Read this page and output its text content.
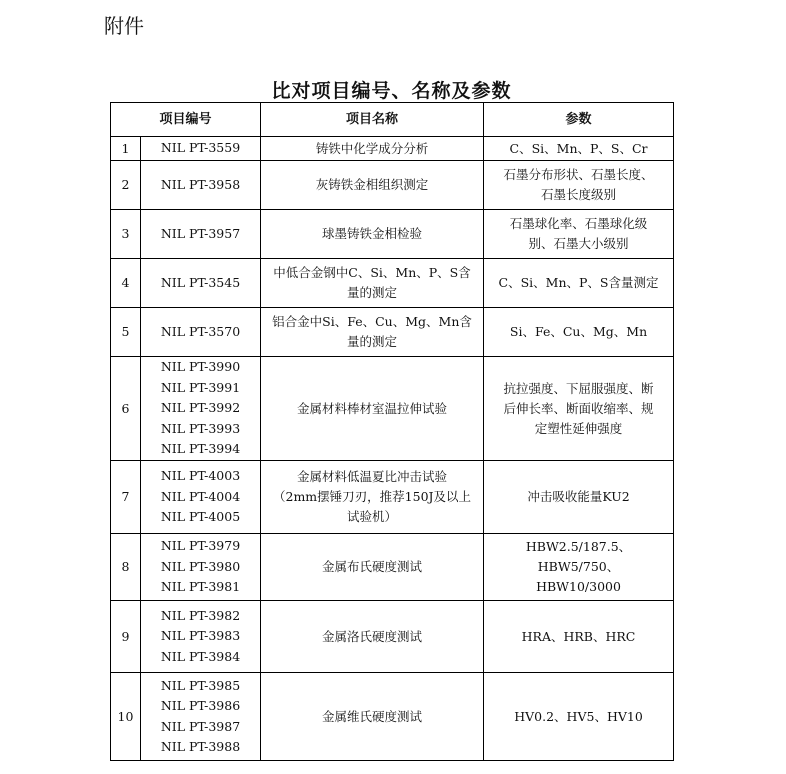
附件
比对项目编号、名称及参数
项目编号		项目名称	参数
1	NIL PT-3559	铸铁中化学成分分析	C、Si、Mn、P、S、Cr
2	NIL PT-3958	灰铸铁金相组织测定	石墨分布形状、石墨长度、
石墨长度级别
3	NIL PT-3957	球墨铸铁金相检验	石墨球化率、石墨球化级
别、石墨大小级别
4	NIL PT-3545	中低合金钢中C、Si、Mn、P、S含
量的测定	C、Si、Mn、P、S含量测定
5	NIL PT-3570	铝合金中Si、Fe、Cu、Mg、Mn含
量的测定	Si、Fe、Cu、Mg、Mn
6	NIL PT-3990
NIL PT-3991
NIL PT-3992
NIL PT-3993
NIL PT-3994	金属材料棒材室温拉伸试验	抗拉强度、下屈服强度、断
后伸长率、断面收缩率、规
定塑性延伸强度
7	NIL PT-4003
NIL PT-4004
NIL PT-4005	金属材料低温夏比冲击试验
（2mm摆锤刀刃，推荐150J及以上
试验机）	冲击吸收能量KU2
8	NIL PT-3979
NIL PT-3980
NIL PT-3981	金属布氏硬度测试	HBW2.5/187.5、HBW5/750、
HBW10/3000
9	NIL PT-3982
NIL PT-3983
NIL PT-3984	金属洛氏硬度测试	HRA、HRB、HRC
10	NIL PT-3985
NIL PT-3986
NIL PT-3987
NIL PT-3988	金属维氏硬度测试	HV0.2、HV5、HV10
